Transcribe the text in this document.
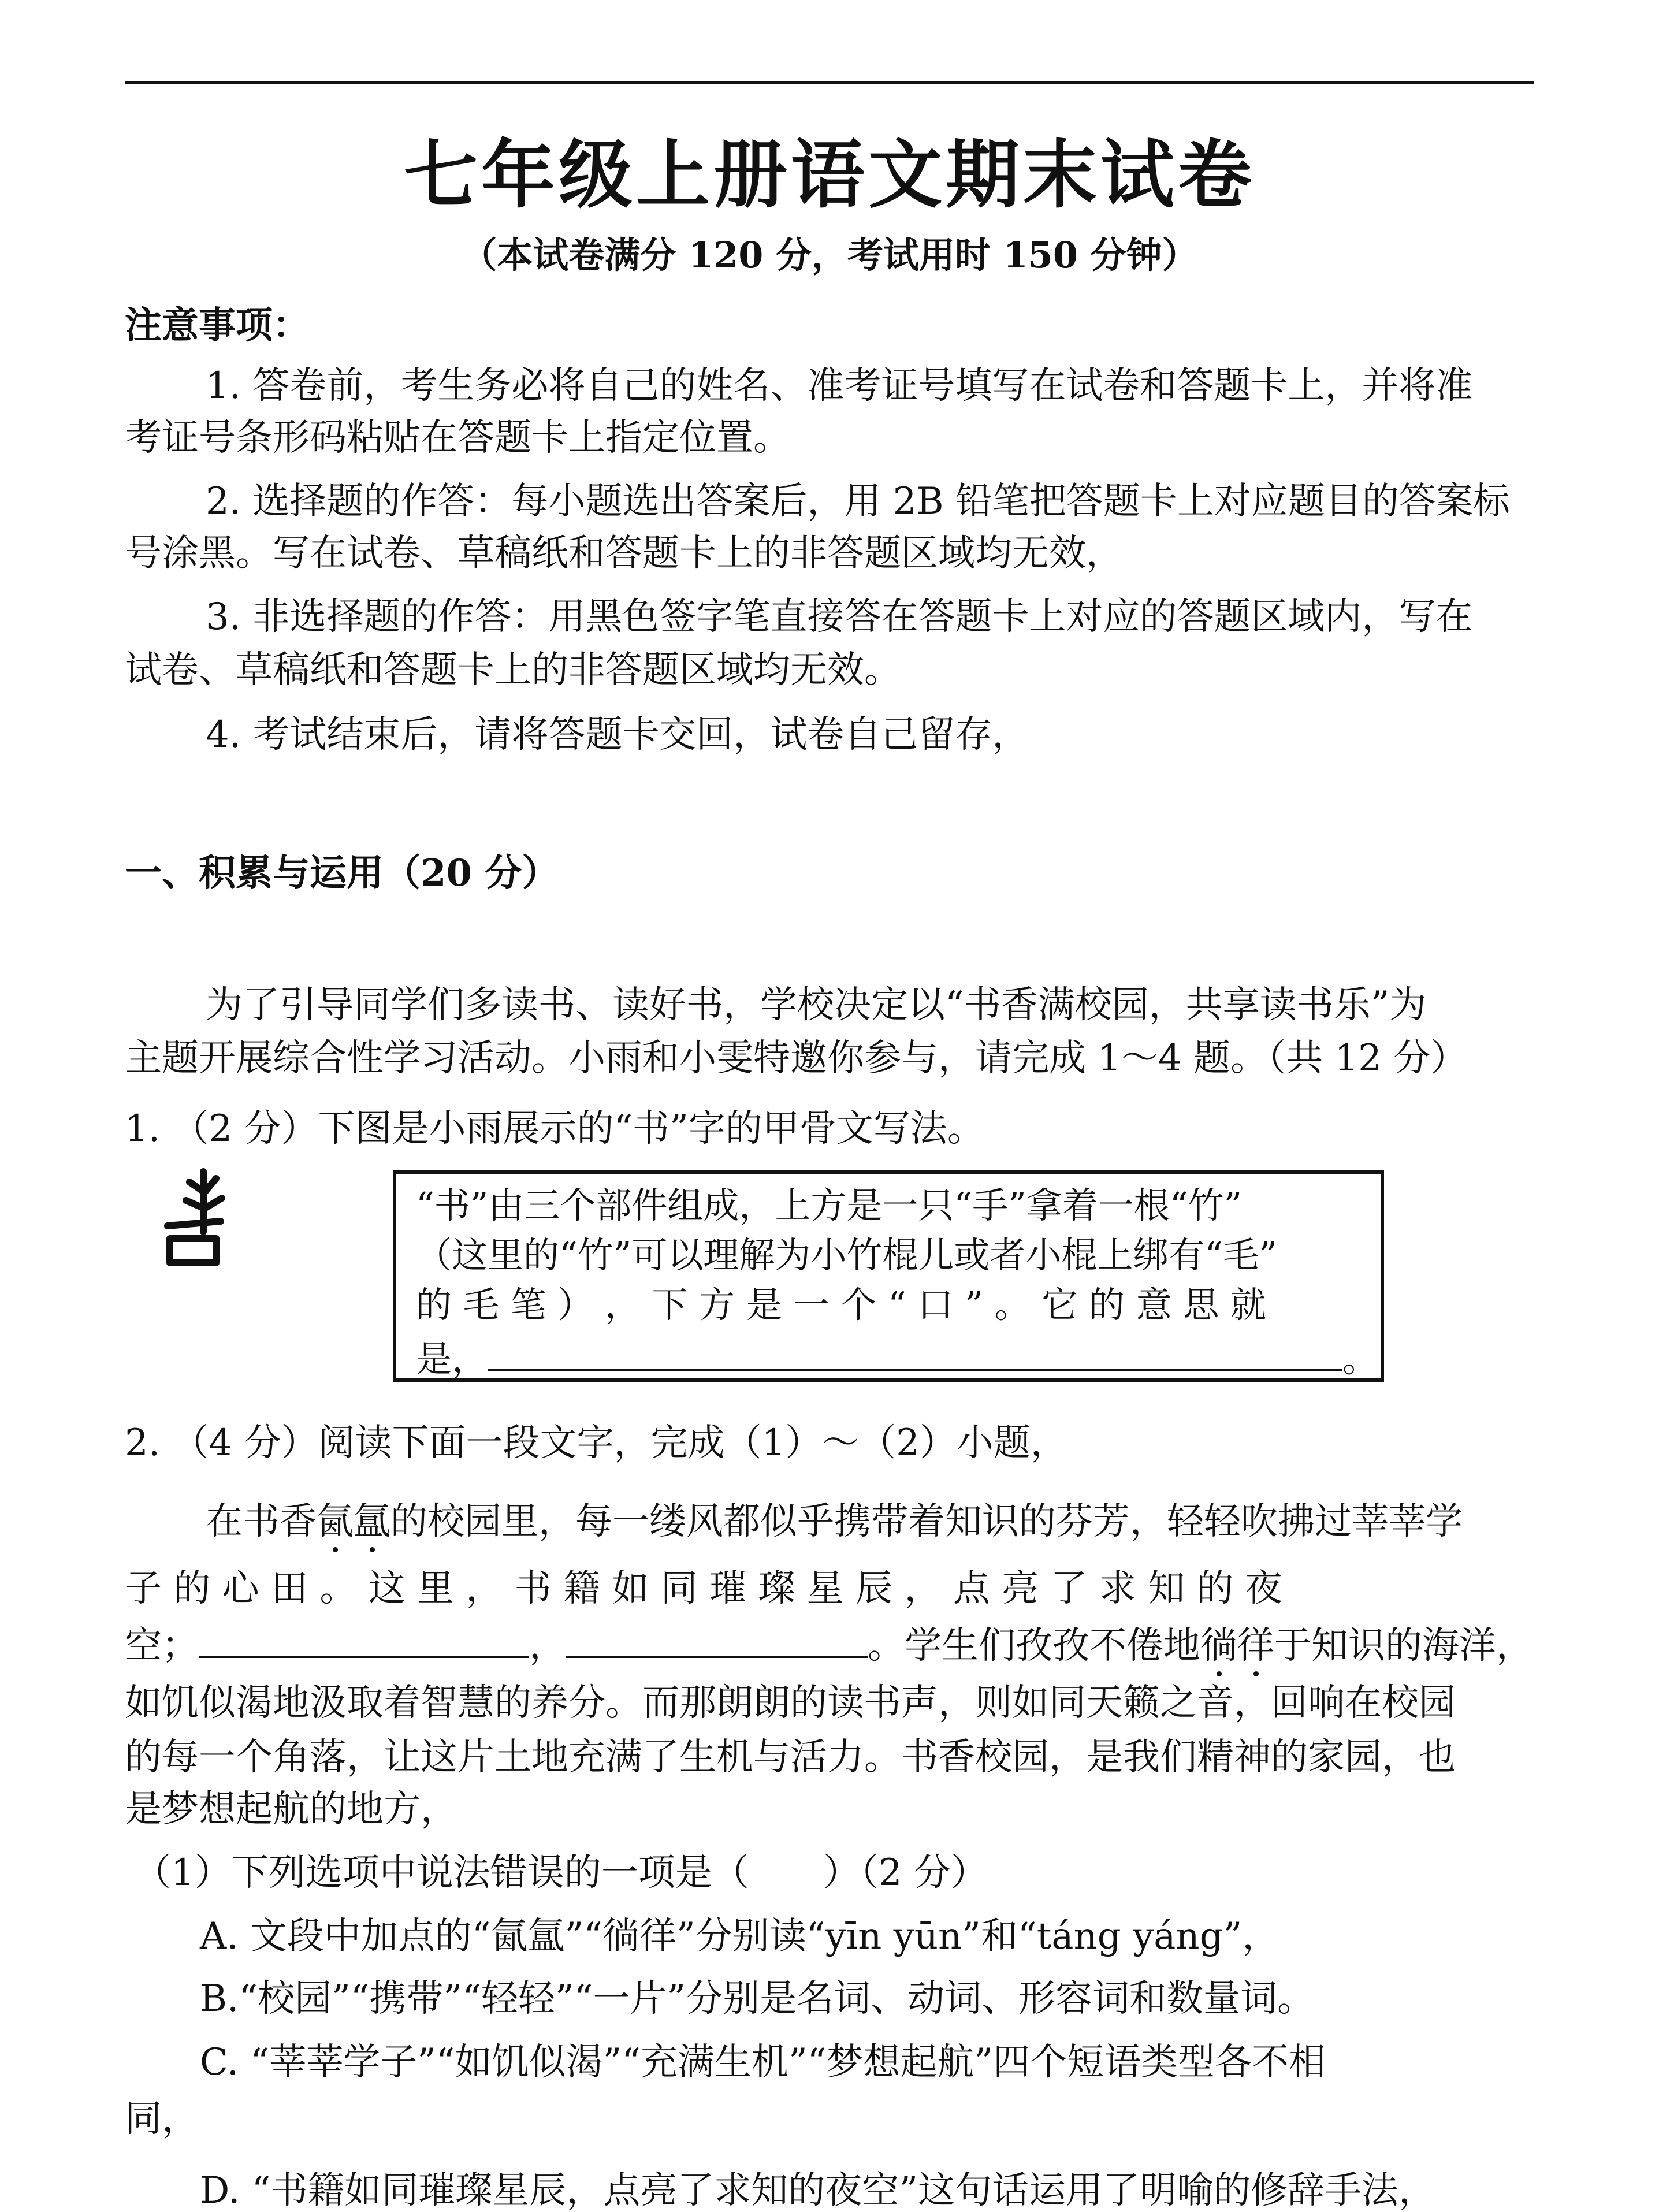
七年级上册语文期末试卷
（本试卷满分 120 分，考试用时 150 分钟）
注意事项：
1. 答卷前，考生务必将自己的姓名、准考证号填写在试卷和答题卡上，并将准
考证号条形码粘贴在答题卡上指定位置。
2. 选择题的作答：每小题选出答案后，用 2B 铅笔把答题卡上对应题目的答案标
号涂黑。写在试卷、草稿纸和答题卡上的非答题区域均无效，
3. 非选择题的作答：用黑色签字笔直接答在答题卡上对应的答题区域内，写在
试卷、草稿纸和答题卡上的非答题区域均无效。
4. 考试结束后，请将答题卡交回，试卷自己留存，
一、积累与运用（20 分）
为了引导同学们多读书、读好书，学校决定以“书香满校园，共享读书乐”为
主题开展综合性学习活动。小雨和小雯特邀你参与，请完成 1～4 题。（共 12 分）
1. （2 分）下图是小雨展示的“书”字的甲骨文写法。
“书”由三个部件组成，上方是一只“手”拿着一根“竹”
（这里的“竹”可以理解为小竹棍儿或者小棍上绑有“毛”
的 毛 笔 ） ， 下 方 是 一 个 “ 口 ” 。 它 的 意 思 就
是，	。
2. （4 分）阅读下面一段文字，完成（1）～（2）小题，
在书香氤氲的校园里，每一缕风都似乎携带着知识的芬芳，轻轻吹拂过莘莘学
子 的 心 田 。 这 里 ， 书 籍 如 同 璀 璨 星 辰 ， 点 亮 了 求 知 的 夜
空；	，	。学生们孜孜不倦地徜徉于知识的海洋，
如饥似渴地汲取着智慧的养分。而那朗朗的读书声，则如同天籁之音，回响在校园
的每一个角落，让这片土地充满了生机与活力。书香校园，是我们精神的家园，也
是梦想起航的地方，
（1）下列选项中说法错误的一项是（　　）（2 分）
A. 文段中加点的“氤氲”“徜徉”分别读“yīn yūn”和“táng yáng”，
B.“校园”“携带”“轻轻”“一片”分别是名词、动词、形容词和数量词。
C. “莘莘学子”“如饥似渴”“充满生机”“梦想起航”四个短语类型各不相
同，
D. “书籍如同璀璨星辰，点亮了求知的夜空”这句话运用了明喻的修辞手法，
